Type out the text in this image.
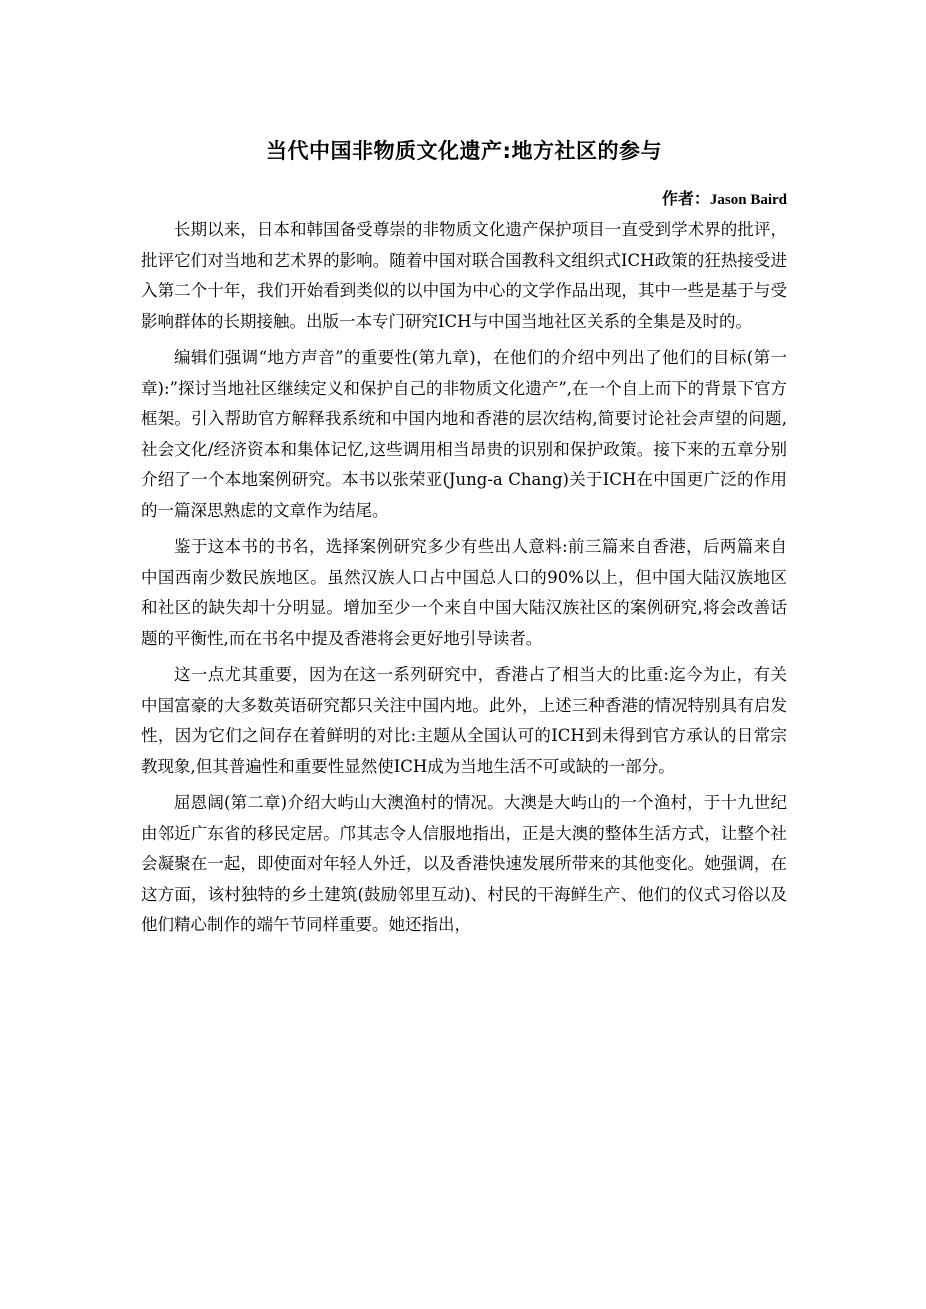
当代中国非物质文化遗产:地方社区的参与
作者：Jason Baird

长期以来，日本和韩国备受尊崇的非物质文化遗产保护项目一直受到学术界的批评，批评它们对当地和艺术界的影响。随着中国对联合国教科文组织式ICH政策的狂热接受进入第二个十年，我们开始看到类似的以中国为中心的文学作品出现，其中一些是基于与受影响群体的长期接触。出版一本专门研究ICH与中国当地社区关系的全集是及时的。

编辑们强调“地方声音”的重要性(第九章)，在他们的介绍中列出了他们的目标(第一章):”探讨当地社区继续定义和保护自己的非物质文化遗产”,在一个自上而下的背景下官方框架。引入帮助官方解释我系统和中国内地和香港的层次结构,简要讨论社会声望的问题,社会文化/经济资本和集体记忆,这些调用相当昂贵的识别和保护政策。接下来的五章分别介绍了一个本地案例研究。本书以张荣亚(Jung-a Chang)关于ICH在中国更广泛的作用的一篇深思熟虑的文章作为结尾。

鉴于这本书的书名，选择案例研究多少有些出人意料:前三篇来自香港，后两篇来自中国西南少数民族地区。虽然汉族人口占中国总人口的90%以上，但中国大陆汉族地区和社区的缺失却十分明显。增加至少一个来自中国大陆汉族社区的案例研究,将会改善话题的平衡性,而在书名中提及香港将会更好地引导读者。

这一点尤其重要，因为在这一系列研究中，香港占了相当大的比重:迄今为止，有关中国富豪的大多数英语研究都只关注中国内地。此外，上述三种香港的情况特别具有启发性，因为它们之间存在着鲜明的对比:主题从全国认可的ICH到未得到官方承认的日常宗教现象,但其普遍性和重要性显然使ICH成为当地生活不可或缺的一部分。

屈恩阔(第二章)介绍大屿山大澳渔村的情况。大澳是大屿山的一个渔村，于十九世纪由邻近广东省的移民定居。邝其志令人信服地指出，正是大澳的整体生活方式，让整个社会凝聚在一起，即使面对年轻人外迁，以及香港快速发展所带来的其他变化。她强调，在这方面，该村独特的乡土建筑(鼓励邻里互动)、村民的干海鲜生产、他们的仪式习俗以及他们精心制作的端午节同样重要。她还指出，
